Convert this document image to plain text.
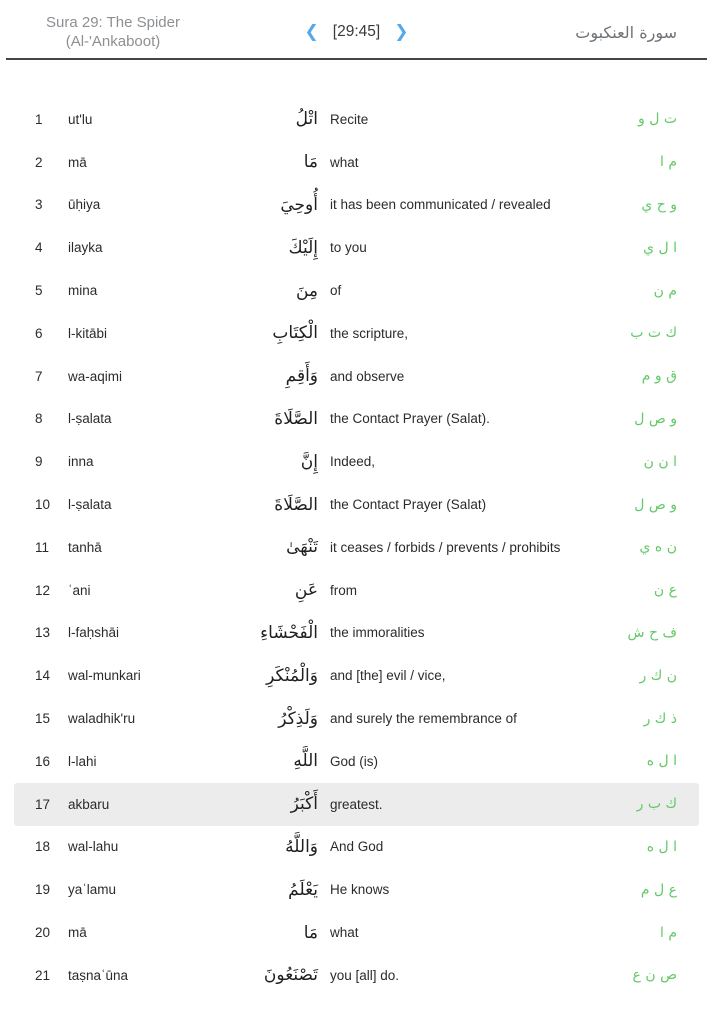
Sura 29: The Spider
(Al-'Ankaboot)	❮ [29:45] ❯	سورة العنكبوت
1	ut'lu	اتْلُ Recite	ت ل و
2	mā	مَا what	م ا
3	ūḥiya	أُوحِيَ it has been communicated / revealed	و ح ي
4	ilayka	إِلَيْكَ to you	ا ل ي
5	mina	مِنَ of	م ن
6	l-kitābi	الْكِتَابِ the scripture,	ك ت ب
7	wa-aqimi	وَأَقِمِ and observe	ق و م
8	l-ṣalata	الصَّلَاةَ the Contact Prayer (Salat).	و ص ل
9	inna	إِنَّ Indeed,	ا ن ن
10	l-ṣalata	الصَّلَاةَ the Contact Prayer (Salat)	و ص ل
11	tanhā	تَنْهَىٰ it ceases / forbids / prevents / prohibits	ن ه ي
12	ʿani	عَنِ from	ع ن
13	l-faḥshāi	الْفَحْشَاءِ the immoralities	ف ح ش
14	wal-munkari	وَالْمُنْكَرِ and [the] evil / vice,	ن ك ر
15	waladhik'ru	وَلَذِكْرُ and surely the remembrance of	ذ ك ر
16	l-lahi	اللَّهِ God (is)	ا ل ه
17	akbaru	أَكْبَرُ greatest.	ك ب ر
18	wal-lahu	وَاللَّهُ And God	ا ل ه
19	yaʿlamu	يَعْلَمُ He knows	ع ل م
20	mā	مَا what	م ا
21	taṣnaʿūna	تَصْنَعُونَ you [all] do.	ص ن ع
